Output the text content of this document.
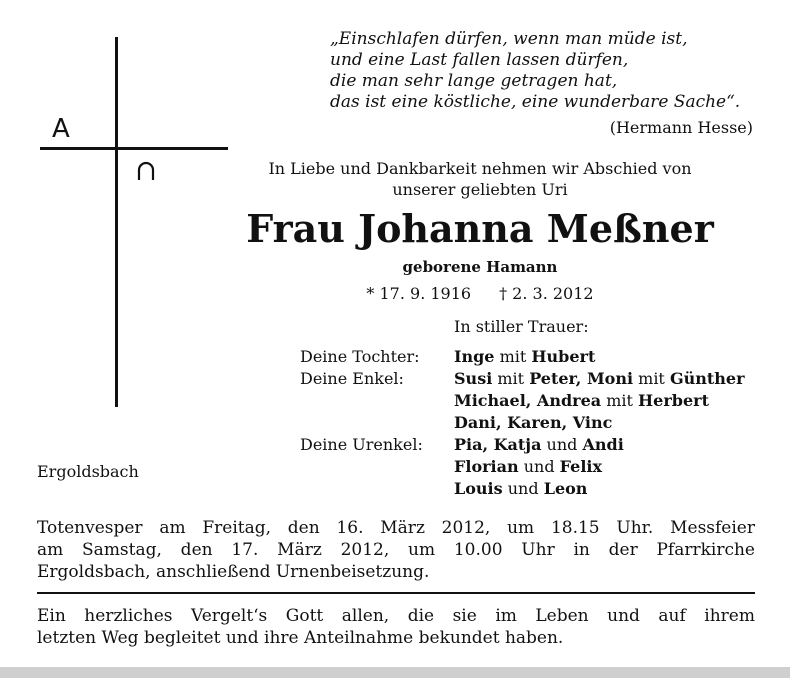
A
„Einschlafen dürfen, wenn man müde ist,
und eine Last fallen lassen dürfen,
die man sehr lange getragen hat,
das ist eine köstliche, eine wunderbare Sache“.
(Hermann Hesse)
In Liebe und Dankbarkeit nehmen wir Abschied von
unserer geliebten Uri
Frau Johanna Meßner
geborene Hamann
* 17. 9. 1916 † 2. 3. 2012
In stiller Trauer:
Deine Tochter:	Inge mit Hubert
Deine Enkel:	Susi mit Peter, Moni mit Günther
Michael, Andrea mit Herbert
Dani, Karen, Vinc
Deine Urenkel:	Pia, Katja und Andi
Florian und Felix
Louis und Leon
Ergoldsbach
Totenvesper am Freitag, den 16. März 2012, um 18.15 Uhr. Messfeier
am Samstag, den 17. März 2012, um 10.00 Uhr in der Pfarrkirche
Ergoldsbach, anschließend Urnenbeisetzung.
Ein herzliches Vergelt‘s Gott allen, die sie im Leben und auf ihrem
letzten Weg begleitet und ihre Anteilnahme bekundet haben.
